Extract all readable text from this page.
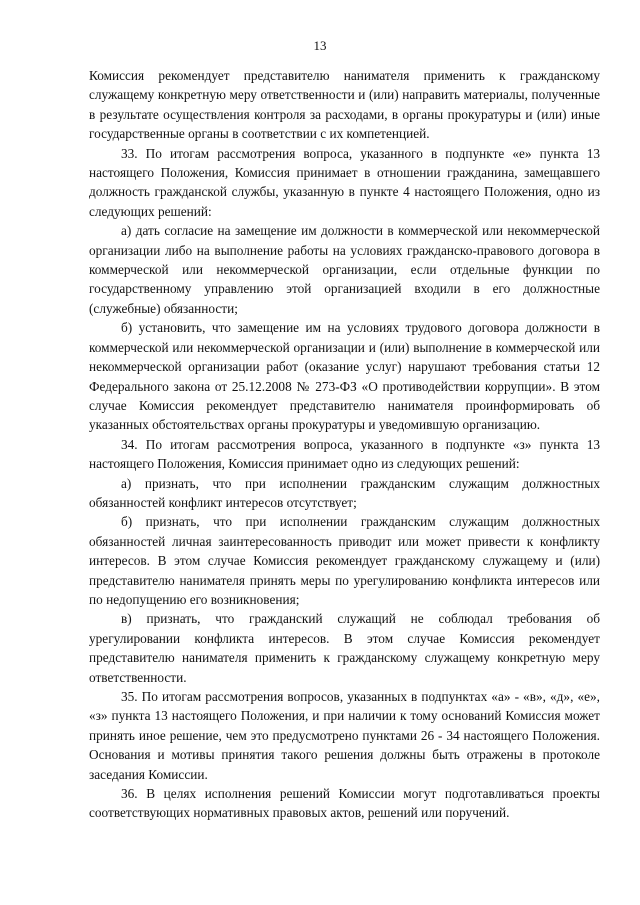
13

Комиссия рекомендует представителю нанимателя применить к гражданскому служащему конкретную меру ответственности и (или) направить материалы, полученные в результате осуществления контроля за расходами, в органы прокуратуры и (или) иные государственные органы в соответствии с их компетенцией.

33. По итогам рассмотрения вопроса, указанного в подпункте «е» пункта 13 настоящего Положения, Комиссия принимает в отношении гражданина, замещавшего должность гражданской службы, указанную в пункте 4 настоящего Положения, одно из следующих решений:

а) дать согласие на замещение им должности в коммерческой или некоммерческой организации либо на выполнение работы на условиях гражданско-правового договора в коммерческой или некоммерческой организации, если отдельные функции по государственному управлению этой организацией входили в его должностные (служебные) обязанности;

б) установить, что замещение им на условиях трудового договора должности в коммерческой или некоммерческой организации и (или) выполнение в коммерческой или некоммерческой организации работ (оказание услуг) нарушают требования статьи 12 Федерального закона от 25.12.2008 № 273-ФЗ «О противодействии коррупции». В этом случае Комиссия рекомендует представителю нанимателя проинформировать об указанных обстоятельствах органы прокуратуры и уведомившую организацию.

34. По итогам рассмотрения вопроса, указанного в подпункте «з» пункта 13 настоящего Положения, Комиссия принимает одно из следующих решений:

а) признать, что при исполнении гражданским служащим должностных обязанностей конфликт интересов отсутствует;

б) признать, что при исполнении гражданским служащим должностных обязанностей личная заинтересованность приводит или может привести к конфликту интересов. В этом случае Комиссия рекомендует гражданскому служащему и (или) представителю нанимателя принять меры по урегулированию конфликта интересов или по недопущению его возникновения;

в) признать, что гражданский служащий не соблюдал требования об урегулировании конфликта интересов. В этом случае Комиссия рекомендует представителю нанимателя применить к гражданскому служащему конкретную меру ответственности.

35. По итогам рассмотрения вопросов, указанных в подпунктах «а» - «в», «д», «е», «з» пункта 13 настоящего Положения, и при наличии к тому оснований Комиссия может принять иное решение, чем это предусмотрено пунктами 26 - 34 настоящего Положения. Основания и мотивы принятия такого решения должны быть отражены в протоколе заседания Комиссии.

36. В целях исполнения решений Комиссии могут подготавливаться проекты соответствующих нормативных правовых актов, решений или поручений.
